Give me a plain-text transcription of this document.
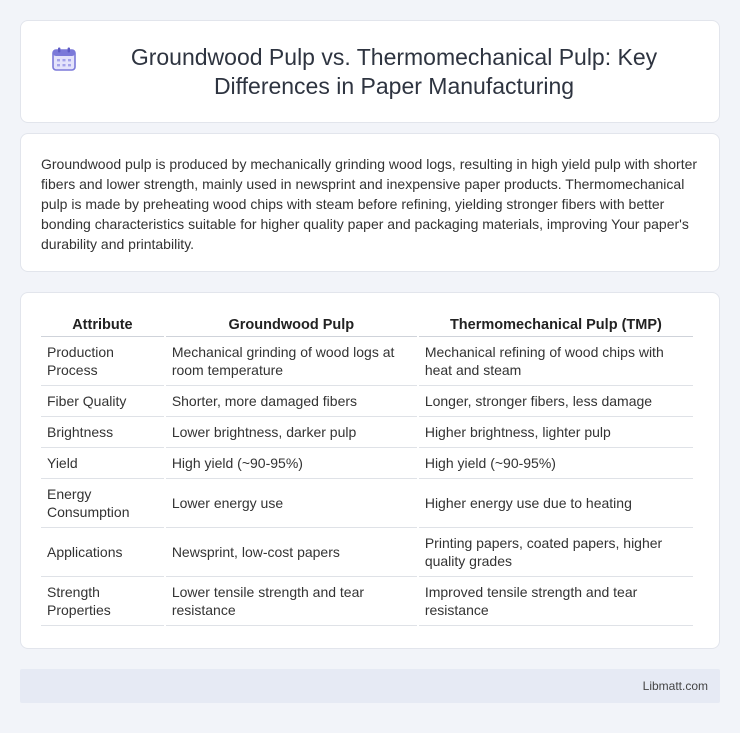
Groundwood Pulp vs. Thermomechanical Pulp: Key Differences in Paper Manufacturing

Groundwood pulp is produced by mechanically grinding wood logs, resulting in high yield pulp with shorter fibers and lower strength, mainly used in newsprint and inexpensive paper products. Thermomechanical pulp is made by preheating wood chips with steam before refining, yielding stronger fibers with better bonding characteristics suitable for higher quality paper and packaging materials, improving Your paper's durability and printability.

Attribute	Groundwood Pulp	Thermomechanical Pulp (TMP)
Production Process	Mechanical grinding of wood logs at room temperature	Mechanical refining of wood chips with heat and steam
Fiber Quality	Shorter, more damaged fibers	Longer, stronger fibers, less damage
Brightness	Lower brightness, darker pulp	Higher brightness, lighter pulp
Yield	High yield (~90-95%)	High yield (~90-95%)
Energy Consumption	Lower energy use	Higher energy use due to heating
Applications	Newsprint, low-cost papers	Printing papers, coated papers, higher quality grades
Strength Properties	Lower tensile strength and tear resistance	Improved tensile strength and tear resistance
Libmatt.com
